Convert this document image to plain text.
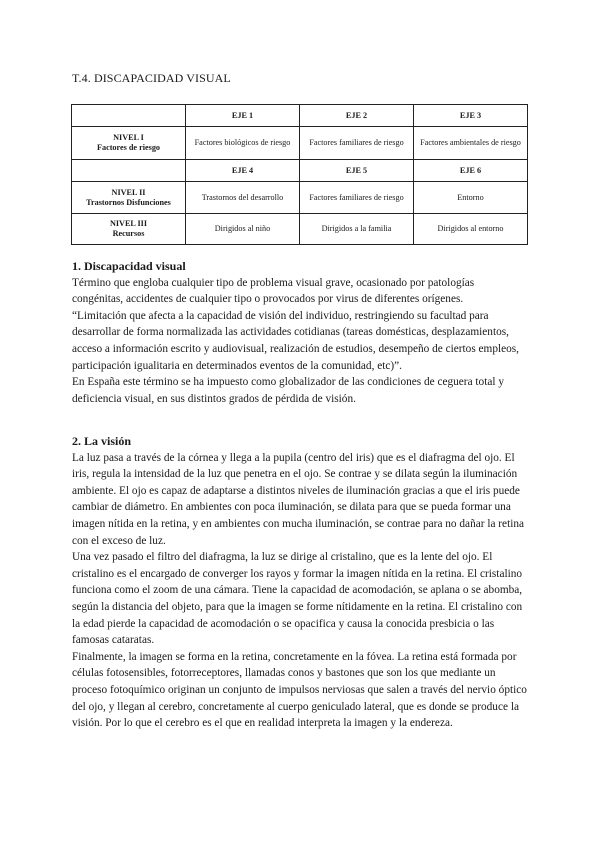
T.4. DISCAPACIDAD VISUAL
	EJE 1	EJE 2	EJE 3

NIVEL I
Factores de riesgo	Factores biológicos de riesgo	Factores familiares de riesgo	Factores ambientales de riesgo
	EJE 4	EJE 5	EJE 6

NIVEL II
Trastornos Disfunciones	Trastornos del desarrollo	Factores familiares de riesgo	Entorno

NIVEL III
Recursos	Dirigidos al niño	Dirigidos a la familia	Dirigidos al entorno
1. Discapacidad visual

Término que engloba cualquier tipo de problema visual grave, ocasionado por patologías congénitas, accidentes de cualquier tipo o provocados por virus de diferentes orígenes.

“Limitación que afecta a la capacidad de visión del individuo, restringiendo su facultad para desarrollar de forma normalizada las actividades cotidianas (tareas domésticas, desplazamientos, acceso a información escrito y audiovisual, realización de estudios, desempeño de ciertos empleos, participación igualitaria en determinados eventos de la comunidad, etc)”.

En España este término se ha impuesto como globalizador de las condiciones de ceguera total y deficiencia visual, en sus distintos grados de pérdida de visión.

2. La visión

La luz pasa a través de la córnea y llega a la pupila (centro del iris) que es el diafragma del ojo. El iris, regula la intensidad de la luz que penetra en el ojo. Se contrae y se dilata según la iluminación ambiente. El ojo es capaz de adaptarse a distintos niveles de iluminación gracias a que el iris puede cambiar de diámetro. En ambientes con poca iluminación, se dilata para que se pueda formar una imagen nítida en la retina, y en ambientes con mucha iluminación, se contrae para no dañar la retina con el exceso de luz.

Una vez pasado el filtro del diafragma, la luz se dirige al cristalino, que es la lente del ojo. El cristalino es el encargado de converger los rayos y formar la imagen nítida en la retina. El cristalino funciona como el zoom de una cámara. Tiene la capacidad de acomodación, se aplana o se abomba, según la distancia del objeto, para que la imagen se forme nítidamente en la retina. El cristalino con la edad pierde la capacidad de acomodación o se opacifica y causa la conocida presbicia o las famosas cataratas.

Finalmente, la imagen se forma en la retina, concretamente en la fóvea. La retina está formada por células fotosensibles, fotorreceptores, llamadas conos y bastones que son los que mediante un proceso fotoquímico originan un conjunto de impulsos nerviosas que salen a través del nervio óptico del ojo, y llegan al cerebro, concretamente al cuerpo geniculado lateral, que es donde se produce la visión. Por lo que el cerebro es el que en realidad interpreta la imagen y la endereza.
